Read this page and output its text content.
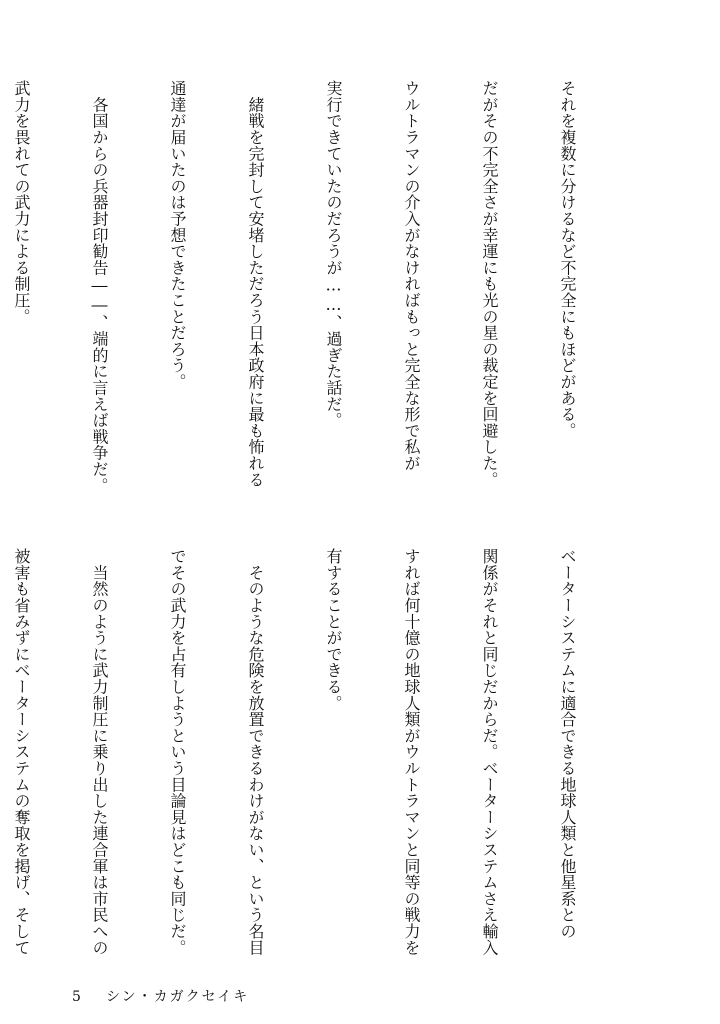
それを複数に分けるなど不完全にもほどがある。

だがその不完全さが幸運にも光の星の裁定を回避した。

ウルトラマンの介入がなければもっと完全な形で私が

実行できていたのだろうが……、過ぎた話だ。

　緒戦を完封して安堵しただろう日本政府に最も怖れる

通達が届いたのは予想できたことだろう。

　各国からの兵器封印勧告――、端的に言えば戦争だ。

武力を畏れての武力による制圧。

ベーターシステムに適合できる地球人類と他星系との

関係がそれと同じだからだ。ベーターシステムさえ輸入

すれば何十億の地球人類がウルトラマンと同等の戦力を

有することができる。

　そのような危険を放置できるわけがない、という名目

でその武力を占有しようという目論見はどこも同じだ。

　当然のように武力制圧に乗り出した連合軍は市民への

被害も省みずにベーターシステムの奪取を掲げ、そして

5 シン・カガクセイキ
